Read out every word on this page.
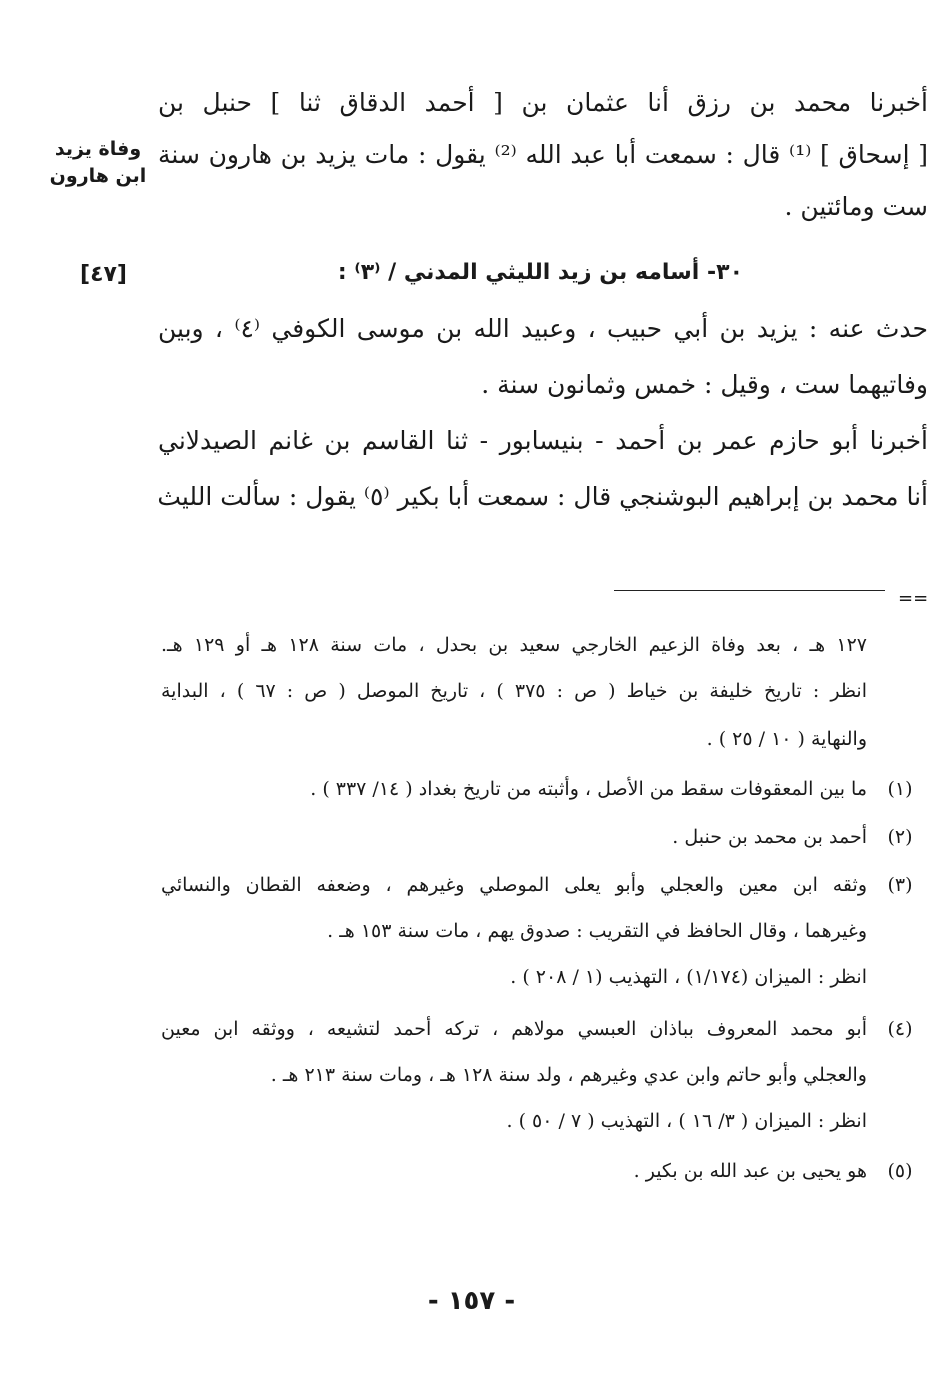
أخبرنا محمد بن رزق أنا عثمان بن [ أحمد الدقاق ثنا ] حنبل بن
[ إسحاق ] ⁽¹⁾ قال : سمعت أبا عبد الله ⁽²⁾ يقول : مات يزيد بن هارون سنة
ست ومائتين .
وفاة يزيد
ابن هارون
٣٠- أسامه بن زيد الليثي المدني / ⁽٣⁾ :
[٤٧]
حدث عنه : يزيد بن أبي حبيب ، وعبيد الله بن موسى الكوفي ⁽٤⁾ ، وبين
وفاتيهما ست ، وقيل : خمس وثمانون سنة .
أخبرنا أبو حازم عمر بن أحمد - بنيسابور - ثنا القاسم بن غانم الصيدلاني
أنا محمد بن إبراهيم البوشنجي قال : سمعت أبا بكير ⁽٥⁾ يقول : سألت الليث
==
١٢٧ هـ ، بعد وفاة الزعيم الخارجي سعيد بن بحدل ، مات سنة ١٢٨ هـ أو ١٢٩ هـ.
انظر : تاريخ خليفة بن خياط ( ص : ٣٧٥ ) ، تاريخ الموصل ( ص : ٦٧ ) ، البداية
والنهاية ( ١٠ / ٢٥ ) .
(١)
ما بين المعقوفات سقط من الأصل ، وأثبته من تاريخ بغداد ( ١٤/ ٣٣٧ ) .
(٢)
أحمد بن محمد بن حنبل .
(٣)
وثقه ابن معين والعجلي وأبو يعلى الموصلي وغيرهم ، وضعفه القطان والنسائي
وغيرهما ، وقال الحافظ في التقريب : صدوق يهم ، مات سنة ١٥٣ هـ .
انظر : الميزان (١/١٧٤) ، التهذيب (١ / ٢٠٨ ) .
(٤)
أبو محمد المعروف بباذان العبسي مولاهم ، تركه أحمد لتشيعه ، ووثقه ابن معين
والعجلي وأبو حاتم وابن عدي وغيرهم ، ولد سنة ١٢٨ هـ ، ومات سنة ٢١٣ هـ .
انظر : الميزان ( ٣/ ١٦ ) ، التهذيب ( ٧ / ٥٠ ) .
(٥)
هو يحيى بن عبد الله بن بكير .
- ١٥٧ -
